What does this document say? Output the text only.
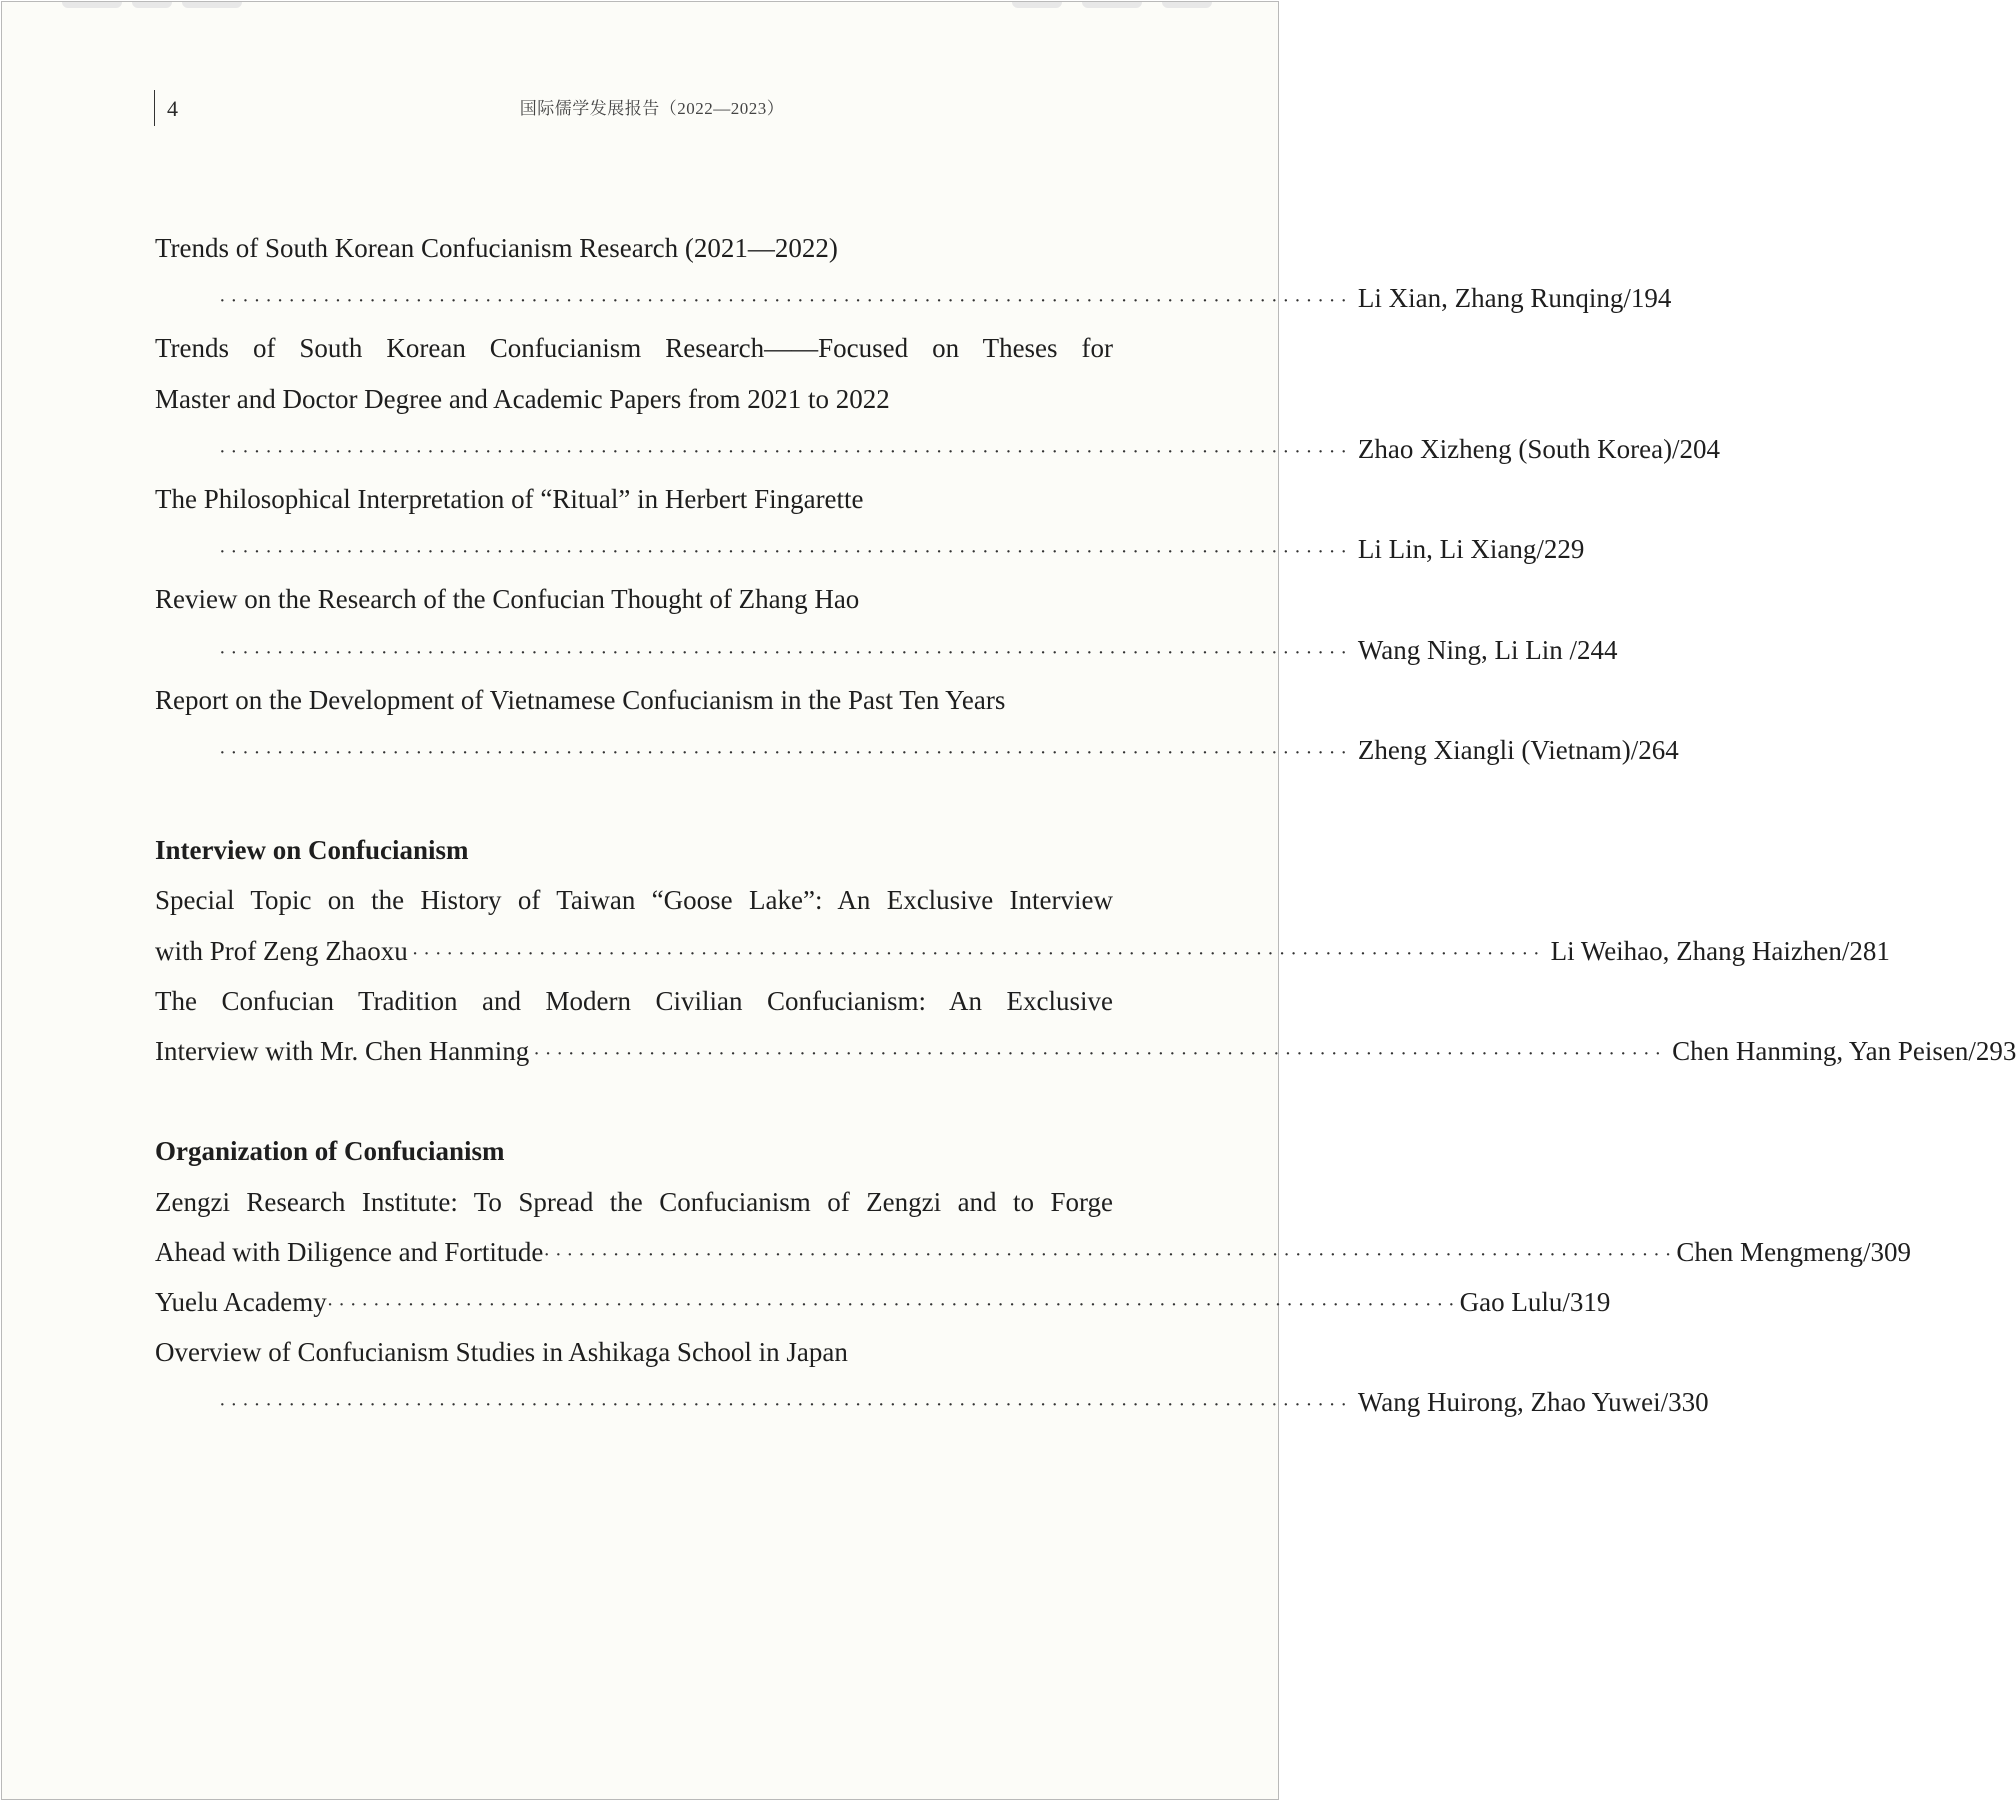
4	国际儒学发展报告（2022—2023）
Trends of South Korean Confucianism Research (2021—2022)
·································································································· Li Xian, Zhang Runqing/194
Trends of South Korean Confucianism Research——Focused on Theses for
Master and Doctor Degree and Academic Papers from 2021 to 2022
·································································································· Zhao Xizheng (South Korea)/204
The Philosophical Interpretation of “Ritual” in Herbert Fingarette
·································································································· Li Lin, Li Xiang/229
Review on the Research of the Confucian Thought of Zhang Hao
·································································································· Wang Ning, Li Lin /244
Report on the Development of Vietnamese Confucianism in the Past Ten Years
·································································································· Zheng Xiangli (Vietnam)/264
Interview on Confucianism
Special Topic on the History of Taiwan “Goose Lake”: An Exclusive Interview
with Prof Zeng Zhaoxu ·································································································· Li Weihao, Zhang Haizhen/281
The Confucian Tradition and Modern Civilian Confucianism: An Exclusive
Interview with Mr. Chen Hanming ·································································································· Chen Hanming, Yan Peisen/293
Organization of Confucianism
Zengzi Research Institute: To Spread the Confucianism of Zengzi and to Forge
Ahead with Diligence and Fortitude ·································································································· Chen Mengmeng/309
Yuelu Academy ·································································································· Gao Lulu/319
Overview of Confucianism Studies in Ashikaga School in Japan
·································································································· Wang Huirong, Zhao Yuwei/330
